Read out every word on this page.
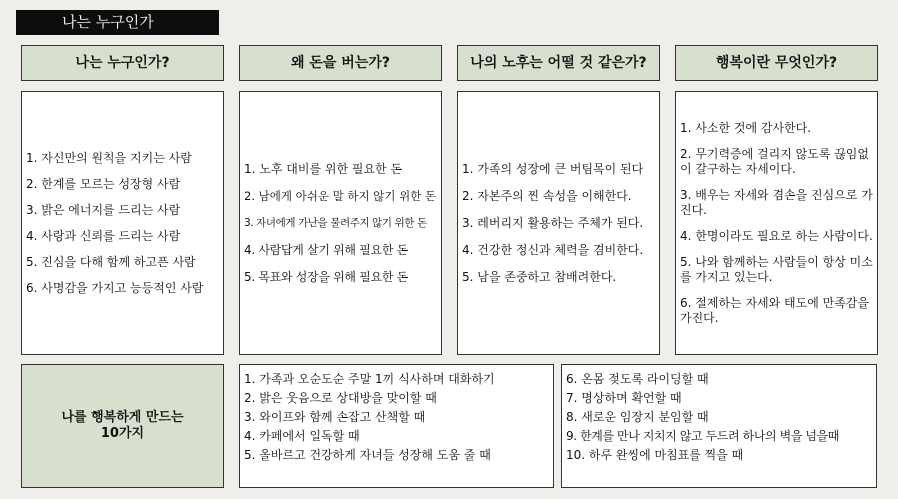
나는 누구인가
나는 누구인가?	왜 돈을 버는가?	나의 노후는 어떨 것 같은가?	행복이란 무엇인가?
1. 자신만의 원칙을 지키는 사람
2. 한계를 모르는 성장형 사람
3. 밝은 에너지를 드리는 사람
4. 사랑과 신뢰를 드리는 사람
5. 진심을 다해 함께 하고픈 사람
6. 사명감을 가지고 능등적인 사람
1. 노후 대비를 위한 필요한 돈
2. 남에게 아쉬운 말 하지 않기 위한 돈
3. 자녀에게 가난을 물려주지 않기 위한 돈
4. 사람답게 살기 위해 필요한 돈
5. 목표와 성장을 위해 필요한 돈
1. 가족의 성장에 큰 버팀목이 된다
2. 자본주의 찐 속성을 이해한다.
3. 레버리지 활용하는 주체가 된다.
4. 건강한 정신과 체력을 겸비한다.
5. 남을 존중하고 참배려한다.
1. 사소한 것에 감사한다.
2. 무기력증에 걸리지 않도록 끊임없이 갈구하는 자세이다.
3. 배우는 자세와 겸손을 진심으로 가진다.
4. 한명이라도 필요로 하는 사람이다.
5. 나와 함께하는 사람들이 항상 미소를 가지고 있는다.
6. 절제하는 자세와 태도에 만족감을 가진다.
나를 행복하게 만드는
10가지
1. 가족과 오순도순 주말 1끼 식사하며 대화하기
2. 밝은 웃음으로 상대방을 맞이할 때
3. 와이프와 함께 손잡고 산책할 때
4. 카페에서 일독할 때
5. 올바르고 건강하게 자녀들 성장해 도움 줄 때
6. 온몸 젖도록 라이딩할 때
7. 명상하며 확언할 때
8. 새로운 임장지 분임할 때
9. 한계를 만나 지치지 않고 두드려 하나의 벽을 넘을때
10. 하루 완씽에 마침표를 찍을 때
